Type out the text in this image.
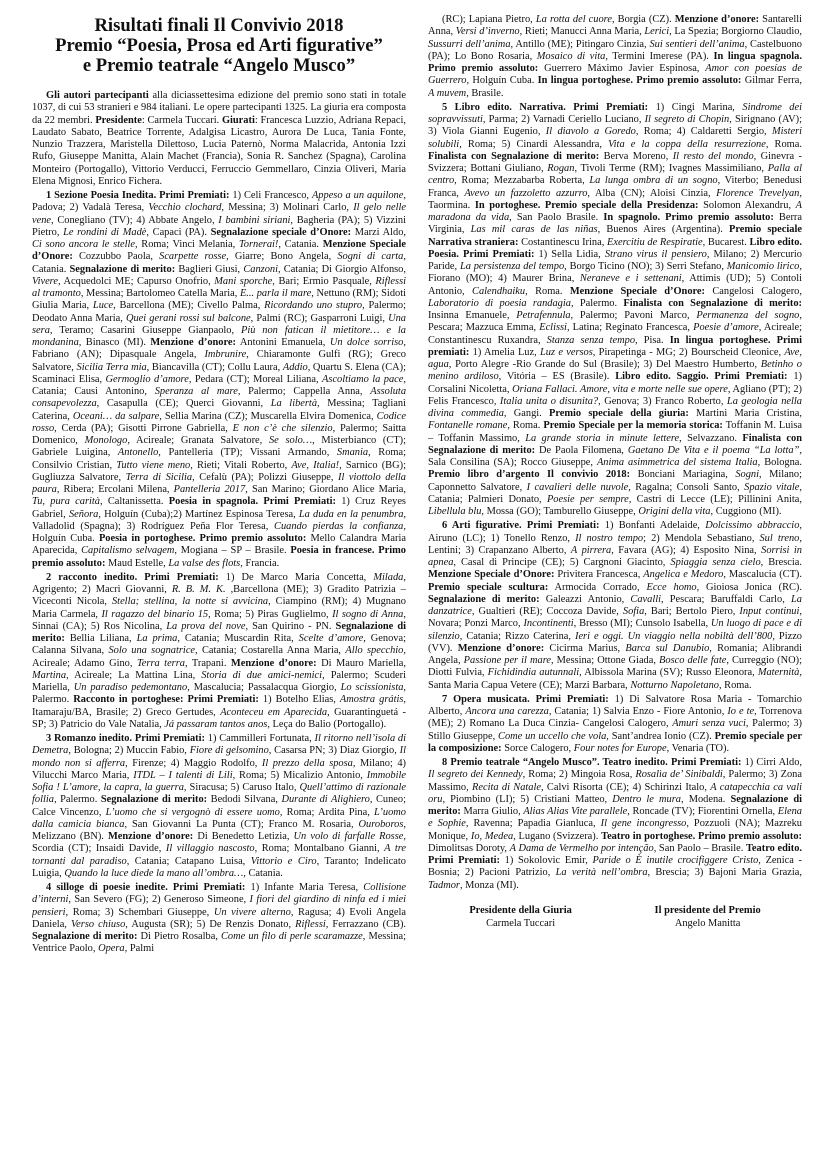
Risultati finali Il Convivio 2018
Premio “Poesia, Prosa ed Arti figurative”
e Premio teatrale “Angelo Musco”

Gli autori partecipanti alla diciassettesima edizione del premio sono stati in totale 1037, di cui 53 stranieri e 984 italiani. Le opere partecipanti 1325. La giuria era composta da 22 membri. Presidente: Carmela Tuccari. Giurati: Francesca Luzzio, Adriana Repaci, Laudato Sabato, Beatrice Torrente, Adalgisa Licastro, Aurora De Luca, Tania Fonte, Nunzio Trazzera, Maristella Dilettoso, Lucia Paternò, Norma Malacrida, Antonia Izzi Rufo, Giuseppe Manitta, Alain Machet (Francia), Sonia R. Sanchez (Spagna), Carolina Monteiro (Portogallo), Vittorio Verducci, Ferruccio Gemmellaro, Cinzia Oliveri, Maria Elena Mignosi, Enrico Fichera.

1 Sezione Poesia Inedita. Primi Premiati: 1) Celi Francesco, Appeso a un aquilone, Padova; 2) Vadalà Teresa, Vecchio clochard, Messina; 3) Molinari Carlo, Il gelo nelle vene, Conegliano (TV); 4) Abbate Angelo, I bambini siriani, Bagheria (PA); 5) Vizzini Pietro, Le rondini di Madè, Capaci (PA). Segnalazione speciale d’Onore: Marzi Aldo, Ci sono ancora le stelle, Roma; Vinci Melania, Tornerai!, Catania. Menzione Speciale d’Onore: Cozzubbo Paola, Scarpette rosse, Giarre; Bono Angela, Sogni di carta, Catania. Segnalazione di merito: Baglieri Giusi, Canzoni, Catania; Di Giorgio Alfonso, Vivere, Acquedolci ME; Capurso Onofrio, Mani sporche, Bari; Ermio Pasquale, Riflessi al tramonto, Messina; Bartolomeo Catella Maria, E... parla il mare, Nettuno (RM); Sidoti Giulia Maria, Luce, Barcellona (ME); Civello Palma, Ricordando uno stupro, Palermo; Deodato Anna Maria, Quei gerani rossi sul balcone, Palmi (RC); Gasparroni Luigi, Una sera, Teramo; Casarini Giuseppe Gianpaolo, Più non fatican il mietitore… e la mondanina, Binasco (MI). Menzione d’onore: Antonini Emanuela, Un dolce sorriso, Fabriano (AN); Dipasquale Angela, Imbrunire, Chiaramonte Gulfi (RG); Greco Salvatore, Sicilia Terra mia, Biancavilla (CT); Collu Laura, Addio, Quartu S. Elena (CA); Scaminaci Elisa, Germoglio d’amore, Pedara (CT); Moreal Liliana, Ascoltiamo la pace, Catania; Causi Antonino, Speranza al mare, Palermo; Cappella Anna, Assoluta consapevolezza, Casapulla (CE); Querci Giovanni, La libertà, Messina; Taglianì Caterina, Oceani… da salpare, Sellia Marina (CZ); Muscarella Elvira Domenica, Codice rosso, Cerda (PA); Gisotti Pirrone Gabriella, E non c’è che silenzio, Palermo; Saitta Domenico, Monologo, Acireale; Granata Salvatore, Se solo…, Misterbianco (CT); Gabriele Luigina, Antonello, Pantelleria (TP); Vissani Armando, Smania, Roma; Consilvio Cristian, Tutto viene meno, Rieti; Vitali Roberto, Ave, Italia!, Sarnico (BG); Gugliuzza Salvatore, Terra di Sicilia, Cefalù (PA); Polizzi Giuseppe, Il viottolo della paura, Ribera; Ercolani Milena, Pantelleria 2017, San Marino; Giordano Alice Maria, Tu, pura carità, Caltanissetta. Poesia in spagnola. Primi Premiati: 1) Cruz Reyes Gabriel, Señora, Holguín (Cuba);2) Martínez Espinosa Teresa, La duda en la penumbra, Valladolid (Spagna); 3) Rodríguez Peña Flor Teresa, Cuando pierdas la confianza, Holguín Cuba. Poesia in portoghese. Primo premio assoluto: Mello Calandra Maria Aparecida, Capitalismo selvagem, Mogiana – SP – Brasile. Poesia in francese. Primo premio assoluto: Maud Estelle, La valse des flots, Francia.

2 racconto inedito. Primi Premiati: 1) De Marco Maria Concetta, Milada, Agrigento; 2) Macrì Giovanni, R. B. M. K. ,Barcellona (ME); 3) Gradito Patrizia – Viceconti Nicola, Stella; stellina, la notte si avvicina, Ciampino (RM); 4) Mugnano Maria Carmela, Il ragazzo del binario 15, Roma; 5) Piras Guglielmo, Il sogno di Anna, Sinnai (CA); 5) Ros Nicolina, La prova del nove, San Quirino - PN. Segnalazione di merito: Bellia Liliana, La prima, Catania; Muscardin Rita, Scelte d’amore, Genova; Calanna Silvana, Solo una sognatrice, Catania; Costarella Anna Maria, Allo specchio, Acireale; Adamo Gino, Terra terra, Trapani. Menzione d’onore: Di Mauro Mariella, Martina, Acireale; La Mattina Lina, Storia di due amici-nemici, Palermo; Scuderi Mariella, Un paradiso pedemontano, Mascalucia; Passalacqua Giorgio, Lo scissionista, Palermo. Racconto in portoghese: Primi Premiati: 1) Botelho Elias, Amostra grátis, Itamaraju/BA, Brasile; 2) Greco Gertudes, Aconteceu em Aparecida, Guarantinguetá - SP; 3) Patricio do Vale Natalia, Já passaram tantos anos, Leça do Balio (Portogallo).

3 Romanzo inedito. Primi Premiati: 1) Cammilleri Fortunata, Il ritorno nell’isola di Demetra, Bologna; 2) Muccin Fabio, Fiore di gelsomino, Casarsa PN; 3) Diaz Giorgio, Il mondo non si afferra, Firenze; 4) Maggio Rodolfo, Il prezzo della sposa, Milano; 4) Vilucchi Marco Maria, ITDL – I talenti di Lili, Roma; 5) Micalizio Antonio, Immobile Sofia ! L’amore, la capra, la guerra, Siracusa; 5) Caruso Italo, Quell’attimo di razionale follia, Palermo. Segnalazione di merito: Bedodi Silvana, Durante di Alighiero, Cuneo; Calce Vincenzo, L’uomo che si vergognò di essere uomo, Roma; Ardita Pina, L’uomo dalla camicia bianca, San Giovanni La Punta (CT); Franco M. Rosaria, Ouroboros, Melizzano (BN). Menzione d’onore: Di Benedetto Letizia, Un volo di farfalle Rosse, Scordia (CT); Insaidi Davide, Il villaggio nascosto, Roma; Montalbano Gianni, A tre tornanti dal paradiso, Catania; Catapano Luisa, Vittorio e Ciro, Taranto; Indelicato Luigia, Quando la luce diede la mano all’ombra…, Catania.

4 silloge di poesie inedite. Primi Premiati: 1) Infante Maria Teresa, Collisione d’interni, San Severo (FG); 2) Generoso Simeone, I fiori del giardino di ninfa ed i miei pensieri, Roma; 3) Schembari Giuseppe, Un vivere alterno, Ragusa; 4) Evoli Angela Daniela, Verso chiuso, Augusta (SR); 5) De Renzis Donato, Riflessi, Ferrazzano (CB). Segnalazione di merito: Di Pietro Rosalba, Come un filo di perle scaramazze, Messina; Ventrice Paolo, Opera, Palmi

(RC); Lapiana Pietro, La rotta del cuore, Borgia (CZ). Menzione d’onore: Santarelli Anna, Versi d’inverno, Rieti; Manucci Anna Maria, Lerici, La Spezia; Borgiorno Claudio, Sussurri dell’anima, Antillo (ME); Pitingaro Cinzia, Sui sentieri dell’anima, Castelbuono (PA); Lo Bono Rosaria, Mosaico di vita, Termini Imerese (PA). In lingua spagnola. Primo premio assoluto: Guerrero Máximo Javier Espinosa, Amor con poesías de Guerrero, Holguín Cuba. In lingua portoghese. Primo premio assoluto: Gilmar Ferra, A muvem, Brasile.

5 Libro edito. Narrativa. Primi Premiati: 1) Cingi Marina, Sindrome dei sopravvissuti, Parma; 2) Varnadi Ceriello Luciano, Il segreto di Chopin, Sirignano (AV); 3) Viola Gianni Eugenio, Il diavolo a Goredo, Roma; 4) Caldaretti Sergio, Misteri solubili, Roma; 5) Cinardi Alessandra, Vita e la coppa della resurrezione, Roma. Finalista con Segnalazione di merito: Berva Moreno, Il resto del mondo, Ginevra - Svizzera; Bottani Giuliano, Rogan, Tivoli Terme (RM); Ivagnes Massimiliano, Palla al centro, Roma; Mezzabarba Roberta, La lunga ombra di un sogno, Viterbo; Benedusi Franca, Avevo un fazzoletto azzurro, Alba (CN); Aloisi Cinzia, Florence Trevelyan, Taormina. In portoghese. Premio speciale della Presidenza: Solomon Alexandru, A maradona da vida, San Paolo Brasile. In spagnolo. Primo premio assoluto: Berra Virginia, Las mil caras de las niñas, Buenos Aires (Argentina). Premio speciale Narrativa straniera: Costantinescu Irina, Exercitiu de Respiratie, Bucarest. Libro edito. Poesia. Primi Premiati: 1) Sella Lidia, Strano virus il pensiero, Milano; 2) Mercurio Paride, La persistenza del tempo, Borgo Ticino (NO); 3) Serri Stefano, Manicomio lirico, Fiorano (MO); 4) Maurer Brina, Neraneve e i settenani, Attimis (UD); 5) Contoli Antonio, Calendhaiku, Roma. Menzione Speciale d’Onore: Cangelosi Calogero, Laboratorio di poesia randagia, Palermo. Finalista con Segnalazione di merito: Insinna Emanuele, Petrafennula, Palermo; Pavoni Marco, Permanenza del sogno, Pescara; Mazzuca Emma, Eclissi, Latina; Reginato Francesca, Poesie d’amore, Acireale; Constantinescu Ruxandra, Stanza senza tempo, Pisa. In lingua portoghese. Primi premiati: 1) Amelia Luz, Luz e versos, Pirapetinga - MG; 2) Bourscheid Cleonice, Ave, agua, Porto Alegre -Rio Grande do Sul (Brasile); 3) Del Maestro Humberto, Betinho o menino ardiloso, Vitória – ES (Brasile). Libro edito. Saggio. Primi Premiati: 1) Corsalini Nicoletta, Oriana Fallaci. Amore, vita e morte nelle sue opere, Agliano (PT); 2) Felis Francesco, Italia unita o disunita?, Genova; 3) Franco Roberto, La geologia nella divina commedia, Gangi. Premio speciale della giuria: Martini Maria Cristina, Fontanelle romane, Roma. Premio Speciale per la memoria storica: Toffanin M. Luisa – Toffanin Massimo, La grande storia in minute lettere, Selvazzano. Finalista con Segnalazione di merito: De Paola Filomena, Gaetano De Vita e il poema “La lotta”, Sala Consilina (SA); Rocco Giuseppe, Anima asimmetrica del sistema Italia, Bologna. Premio libro d’argento Il convivio 2018: Bonciani Mariagina, Sogni, Milano; Caponnetto Salvatore, I cavalieri delle nuvole, Ragalna; Consoli Santo, Spazio vitale, Catania; Palmieri Donato, Poesie per sempre, Castri di Lecce (LE); Pillinini Anita, Libellula blu, Mossa (GO); Tamburello Giuseppe, Origini della vita, Cuggiono (MI).

6 Arti figurative. Primi Premiati: 1) Bonfanti Adelaide, Dolcissimo abbraccio, Airuno (LC); 1) Tonello Renzo, Il nostro tempo; 2) Mendola Sebastiano, Sul treno, Lentini; 3) Crapanzano Alberto, A pirrera, Favara (AG); 4) Esposito Nina, Sorrisi in apnea, Casal di Principe (CE); 5) Cargnoni Giacinto, Spiaggia senza cielo, Brescia. Menzione Speciale d’Onore: Privitera Francesca, Angelica e Medoro, Mascalucia (CT). Premio speciale scultura: Armocida Corrado, Ecce homo, Gioiosa Jonica (RC). Segnalazione di merito: Galeazzi Antonio, Cavalli, Pescara; Baruffaldi Carlo, La danzatrice, Gualtieri (RE); Coccoza Davide, Sofia, Bari; Bertolo Piero, Input continui, Novara; Ponzi Marco, Incontinenti, Bresso (MI); Cunsolo Isabella, Un luogo di pace e di silenzio, Catania; Rizzo Caterina, Ieri e oggi. Un viaggio nella nobiltà dell’800, Pizzo (VV). Menzione d’onore: Cicirma Marius, Barca sul Danubio, Romania; Alibrandi Angela, Passione per il mare, Messina; Ottone Giada, Bosco delle fate, Curreggio (NO); Diotti Fulvia, Fichidindia autunnali, Albissola Marina (SV); Russo Eleonora, Maternità, Santa Maria Capua Vetere (CE); Marzi Barbara, Notturno Napoletano, Roma.

7 Opera musicata. Primi Premiati: 1) Di Salvatore Rosa Maria - Tomarchio Alberto, Ancora una carezza, Catania; 1) Salvia Enzo - Fiore Antonio, Io e te, Torrenova (ME); 2) Romano La Duca Cinzia- Cangelosi Calogero, Amuri senza vuci, Palermo; 3) Stillo Giuseppe, Come un uccello che vola, Sant’andrea Ionio (CZ). Premio speciale per la composizione: Sorce Calogero, Four notes for Europe, Venaria (TO).

8 Premio teatrale “Angelo Musco”. Teatro inedito. Primi Premiati: 1) Cirri Aldo, Il segreto dei Kennedy, Roma; 2) Mingoia Rosa, Rosalìa de’ Sinibaldi, Palermo; 3) Zona Massimo, Recita di Natale, Calvi Risorta (CE); 4) Schirinzi Italo, A catapecchia ca vali oru, Piombino (LI); 5) Cristiani Matteo, Dentro le mura, Modena. Segnalazione di merito: Marra Giulio, Alias Alias Vite parallele, Roncade (TV); Fiorentini Ornella, Elena e Sophie, Ravenna; Papadia Gianluca, Il gene incongresso, Pozzuoli (NA); Mazreku Monique, Io, Medea, Lugano (Svizzera). Teatro in portoghese. Primo premio assoluto: Dimolitsas Doroty, A Dama de Vermelho por intenção, San Paolo – Brasile. Teatro edito. Primi Premiati: 1) Sokolovic Emir, Paride o È inutile crocifiggere Cristo, Zenica - Bosnia; 2) Pacioni Patrizio, La verità nell’ombra, Brescia; 3) Bajoni Maria Grazia, Tadmor, Monza (MI).

Presidente della Giuria
Carmela Tuccari
Il presidente del Premio
Angelo Manitta
